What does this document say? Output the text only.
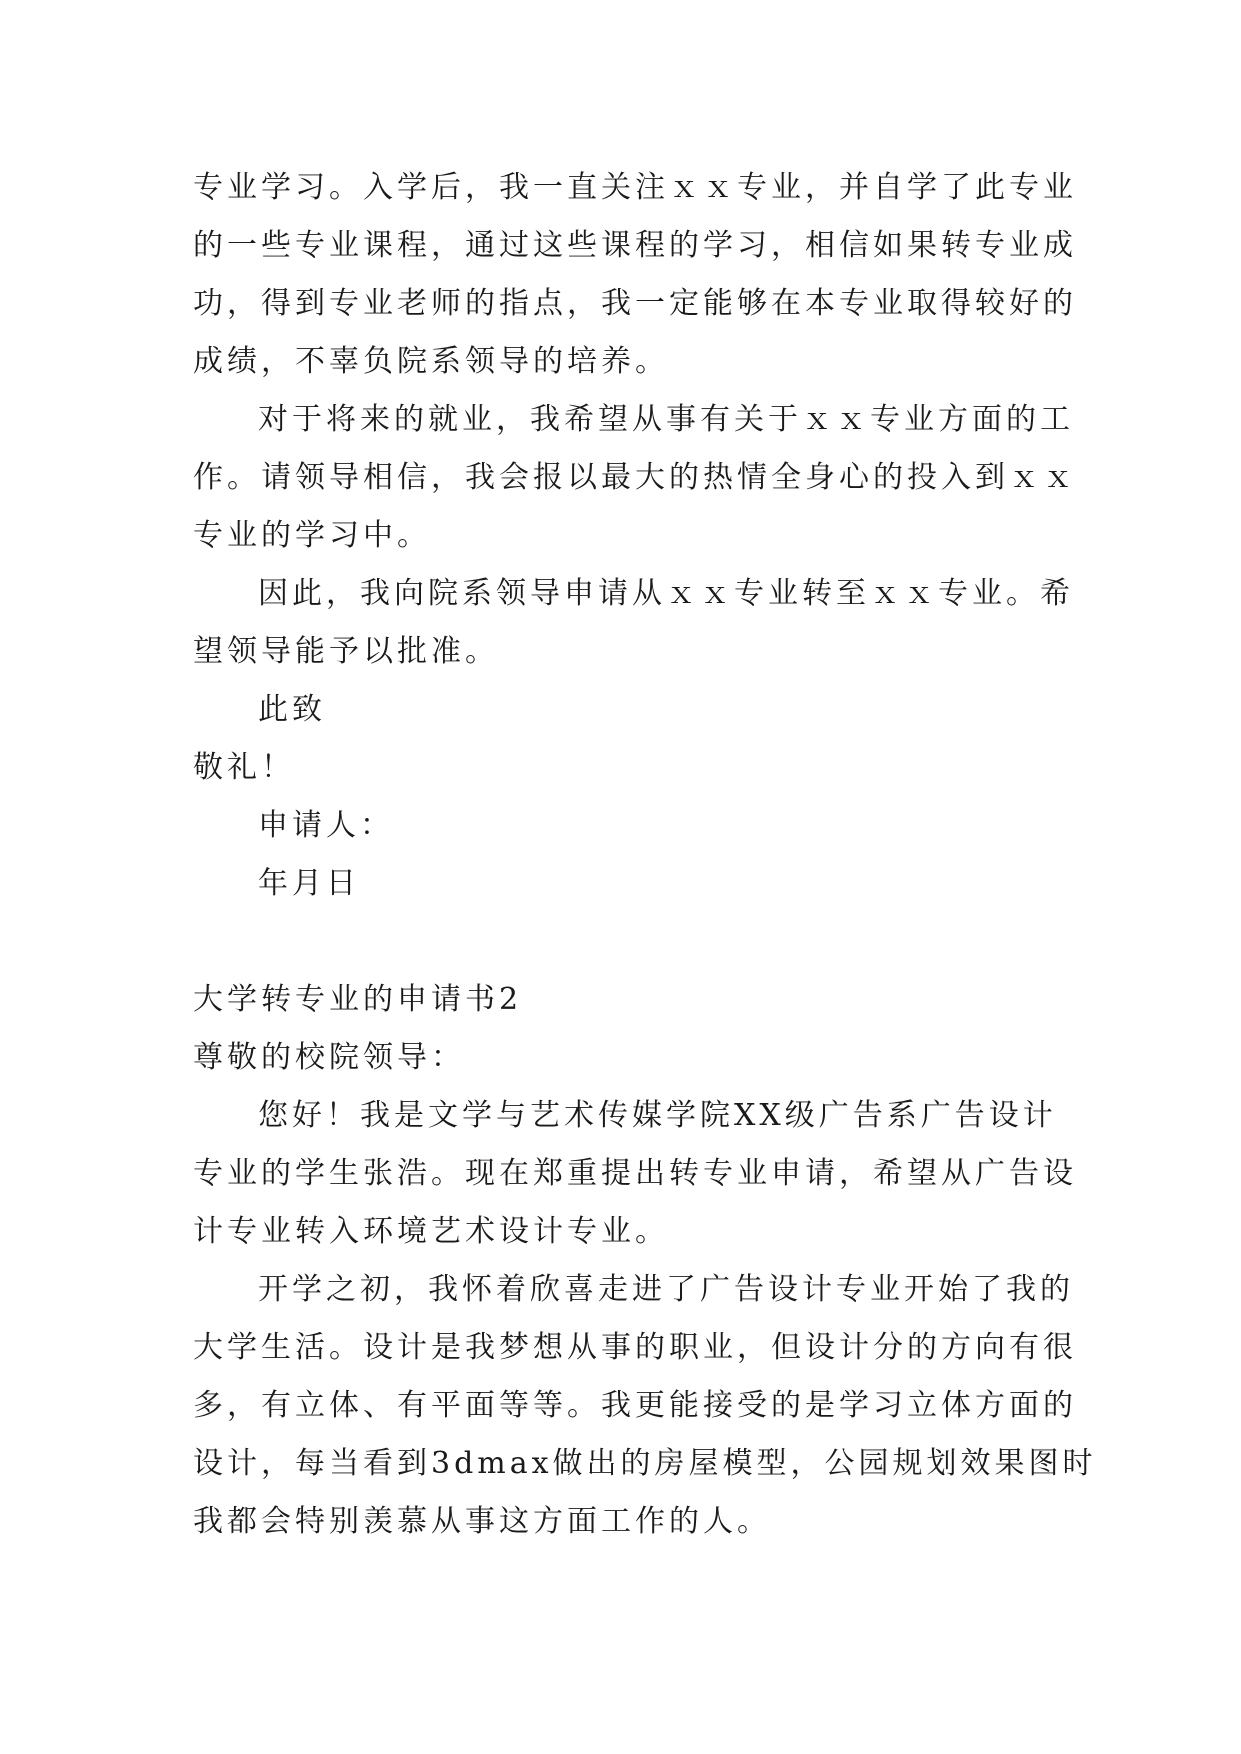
专业学习。入学后，我一直关注ｘｘ专业，并自学了此专业

的一些专业课程，通过这些课程的学习，相信如果转专业成

功，得到专业老师的指点，我一定能够在本专业取得较好的

成绩，不辜负院系领导的培养。

对于将来的就业，我希望从事有关于ｘｘ专业方面的工

作。请领导相信，我会报以最大的热情全身心的投入到ｘｘ

专业的学习中。

因此，我向院系领导申请从ｘｘ专业转至ｘｘ专业。希

望领导能予以批准。

此致

敬礼！

申请人：

年月日

大学转专业的申请书2

尊敬的校院领导：

您好！我是文学与艺术传媒学院XX级广告系广告设计

专业的学生张浩。现在郑重提出转专业申请，希望从广告设

计专业转入环境艺术设计专业。

开学之初，我怀着欣喜走进了广告设计专业开始了我的

大学生活。设计是我梦想从事的职业，但设计分的方向有很

多，有立体、有平面等等。我更能接受的是学习立体方面的

设计，每当看到3dmax做出的房屋模型，公园规划效果图时

我都会特别羡慕从事这方面工作的人。
